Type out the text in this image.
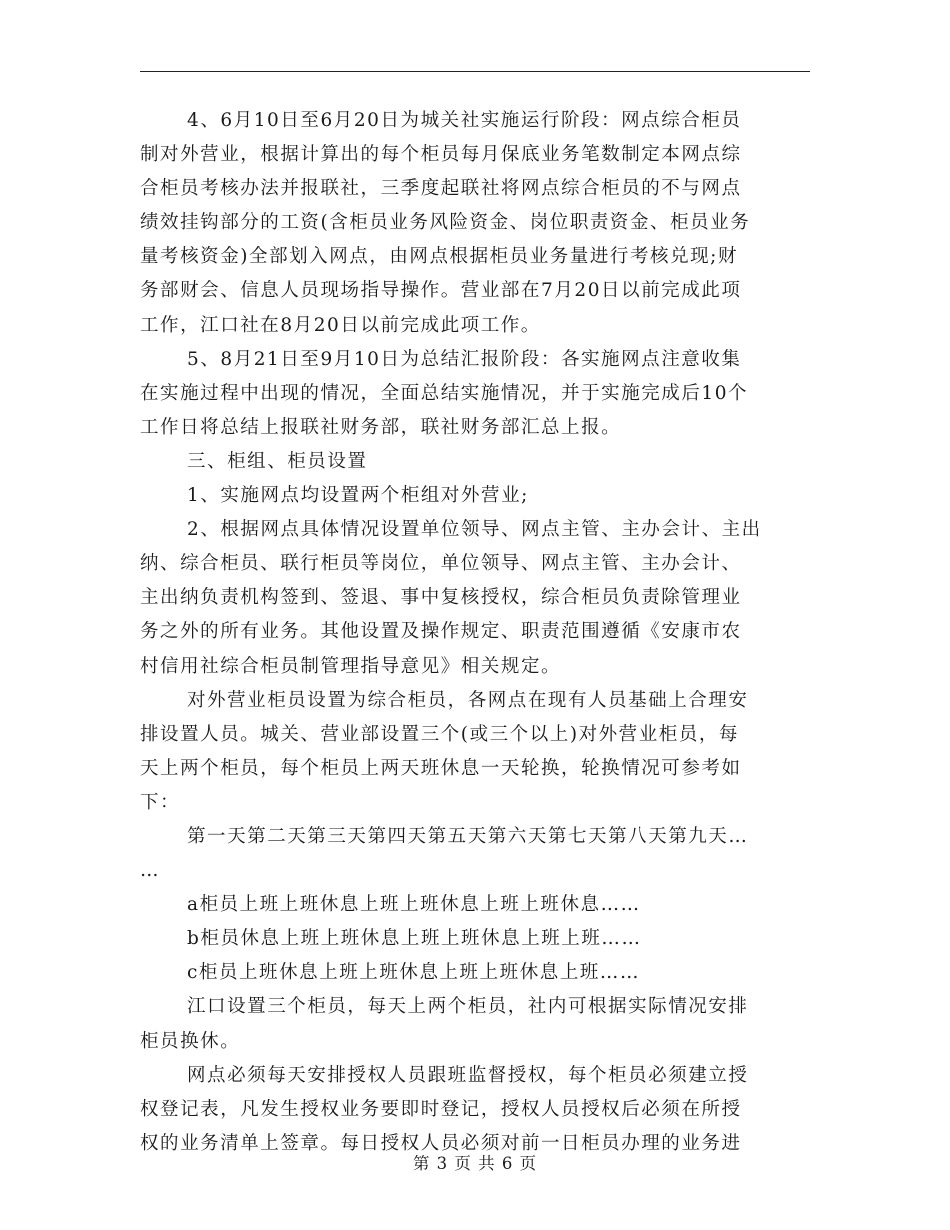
4、6月10日至6月20日为城关社实施运行阶段：网点综合柜员
制对外营业，根据计算出的每个柜员每月保底业务笔数制定本网点综
合柜员考核办法并报联社，三季度起联社将网点综合柜员的不与网点
绩效挂钩部分的工资(含柜员业务风险资金、岗位职责资金、柜员业务
量考核资金)全部划入网点，由网点根据柜员业务量进行考核兑现;财
务部财会、信息人员现场指导操作。营业部在7月20日以前完成此项
工作，江口社在8月20日以前完成此项工作。
5、8月21日至9月10日为总结汇报阶段：各实施网点注意收集
在实施过程中出现的情况，全面总结实施情况，并于实施完成后10个
工作日将总结上报联社财务部，联社财务部汇总上报。
三、柜组、柜员设置
1、实施网点均设置两个柜组对外营业;
2、根据网点具体情况设置单位领导、网点主管、主办会计、主出
纳、综合柜员、联行柜员等岗位，单位领导、网点主管、主办会计、
主出纳负责机构签到、签退、事中复核授权，综合柜员负责除管理业
务之外的所有业务。其他设置及操作规定、职责范围遵循《安康市农
村信用社综合柜员制管理指导意见》相关规定。
对外营业柜员设置为综合柜员，各网点在现有人员基础上合理安
排设置人员。城关、营业部设置三个(或三个以上)对外营业柜员，每
天上两个柜员，每个柜员上两天班休息一天轮换，轮换情况可参考如
下：
第一天第二天第三天第四天第五天第六天第七天第八天第九天…
…
a柜员上班上班休息上班上班休息上班上班休息……
b柜员休息上班上班休息上班上班休息上班上班……
c柜员上班休息上班上班休息上班上班休息上班……
江口设置三个柜员，每天上两个柜员，社内可根据实际情况安排
柜员换休。
网点必须每天安排授权人员跟班监督授权，每个柜员必须建立授
权登记表，凡发生授权业务要即时登记，授权人员授权后必须在所授
权的业务清单上签章。每日授权人员必须对前一日柜员办理的业务进
第 3 页 共 6 页
